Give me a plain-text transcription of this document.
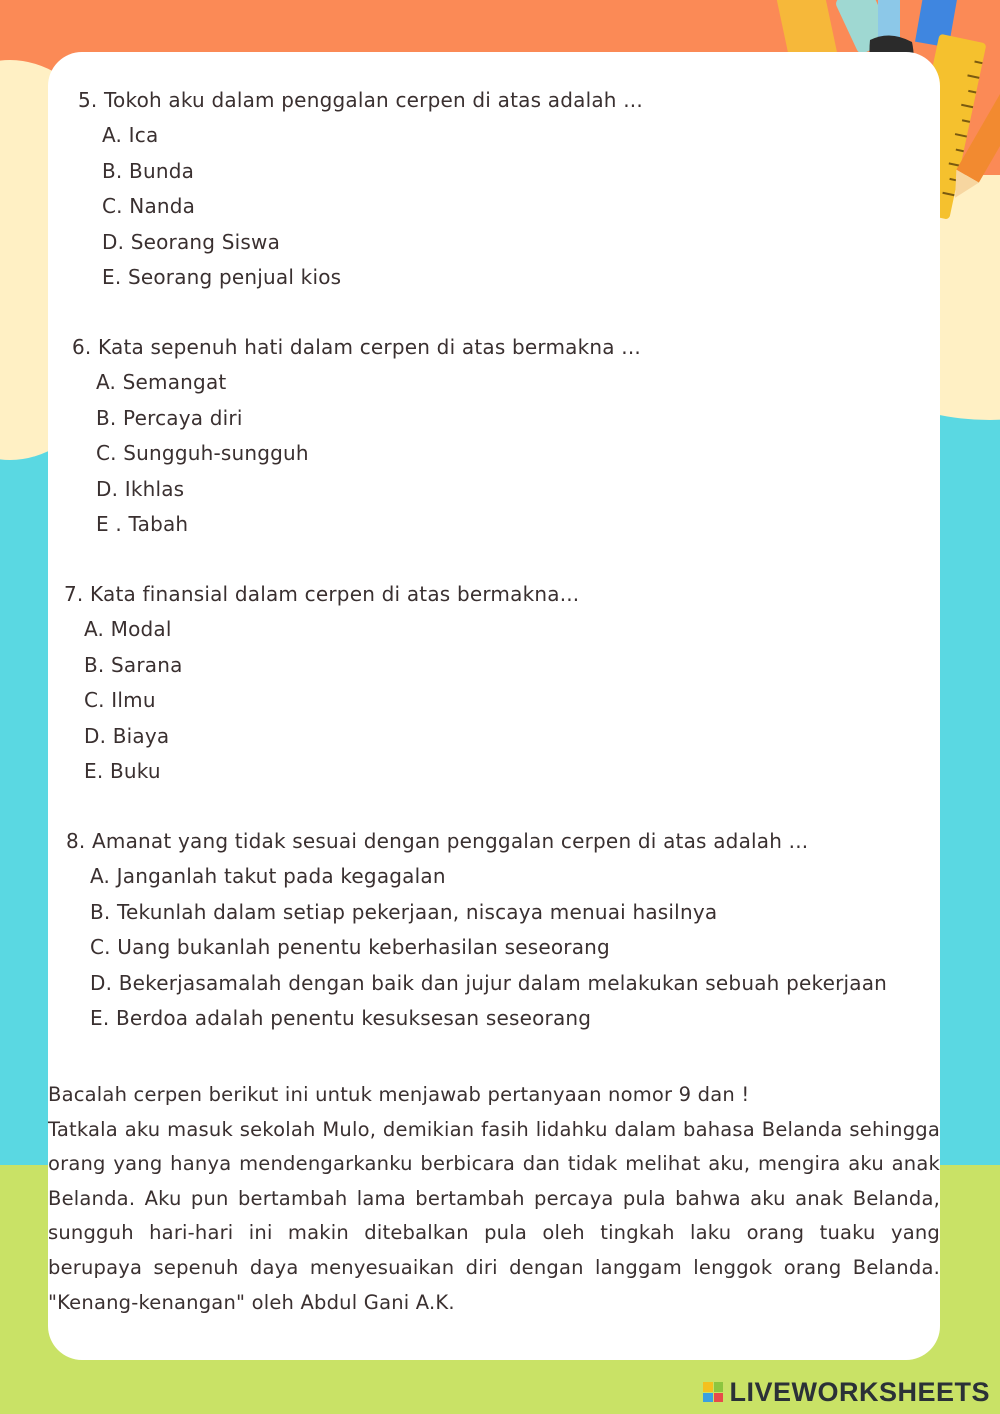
5. Tokoh aku dalam penggalan cerpen di atas adalah ...

A. Ica

B. Bunda

C. Nanda

D. Seorang Siswa

E. Seorang penjual kios

6. Kata sepenuh hati dalam cerpen di atas bermakna ...

A. Semangat

B. Percaya diri

C. Sungguh-sungguh

D. Ikhlas

E . Tabah

7. Kata finansial dalam cerpen di atas bermakna...

A. Modal

B. Sarana

C. Ilmu

D. Biaya

E. Buku

8. Amanat yang tidak sesuai dengan penggalan cerpen di atas adalah ...

A. Janganlah takut pada kegagalan

B. Tekunlah dalam setiap pekerjaan, niscaya menuai hasilnya

C. Uang bukanlah penentu keberhasilan seseorang

D. Bekerjasamalah dengan baik dan jujur dalam melakukan sebuah pekerjaan

E. Berdoa adalah penentu kesuksesan seseorang

Bacalah cerpen berikut ini untuk menjawab pertanyaan nomor 9 dan !

Tatkala aku masuk sekolah Mulo, demikian fasih lidahku dalam bahasa Belanda sehingga orang yang hanya mendengarkanku berbicara dan tidak melihat aku, mengira aku anak Belanda. Aku pun bertambah lama bertambah percaya pula bahwa aku anak Belanda, sungguh hari-hari ini makin ditebalkan pula oleh tingkah laku orang tuaku yang berupaya sepenuh daya menyesuaikan diri dengan langgam lenggok orang Belanda. "Kenang-kenangan" oleh Abdul Gani A.K.

LIVEWORKSHEETS
